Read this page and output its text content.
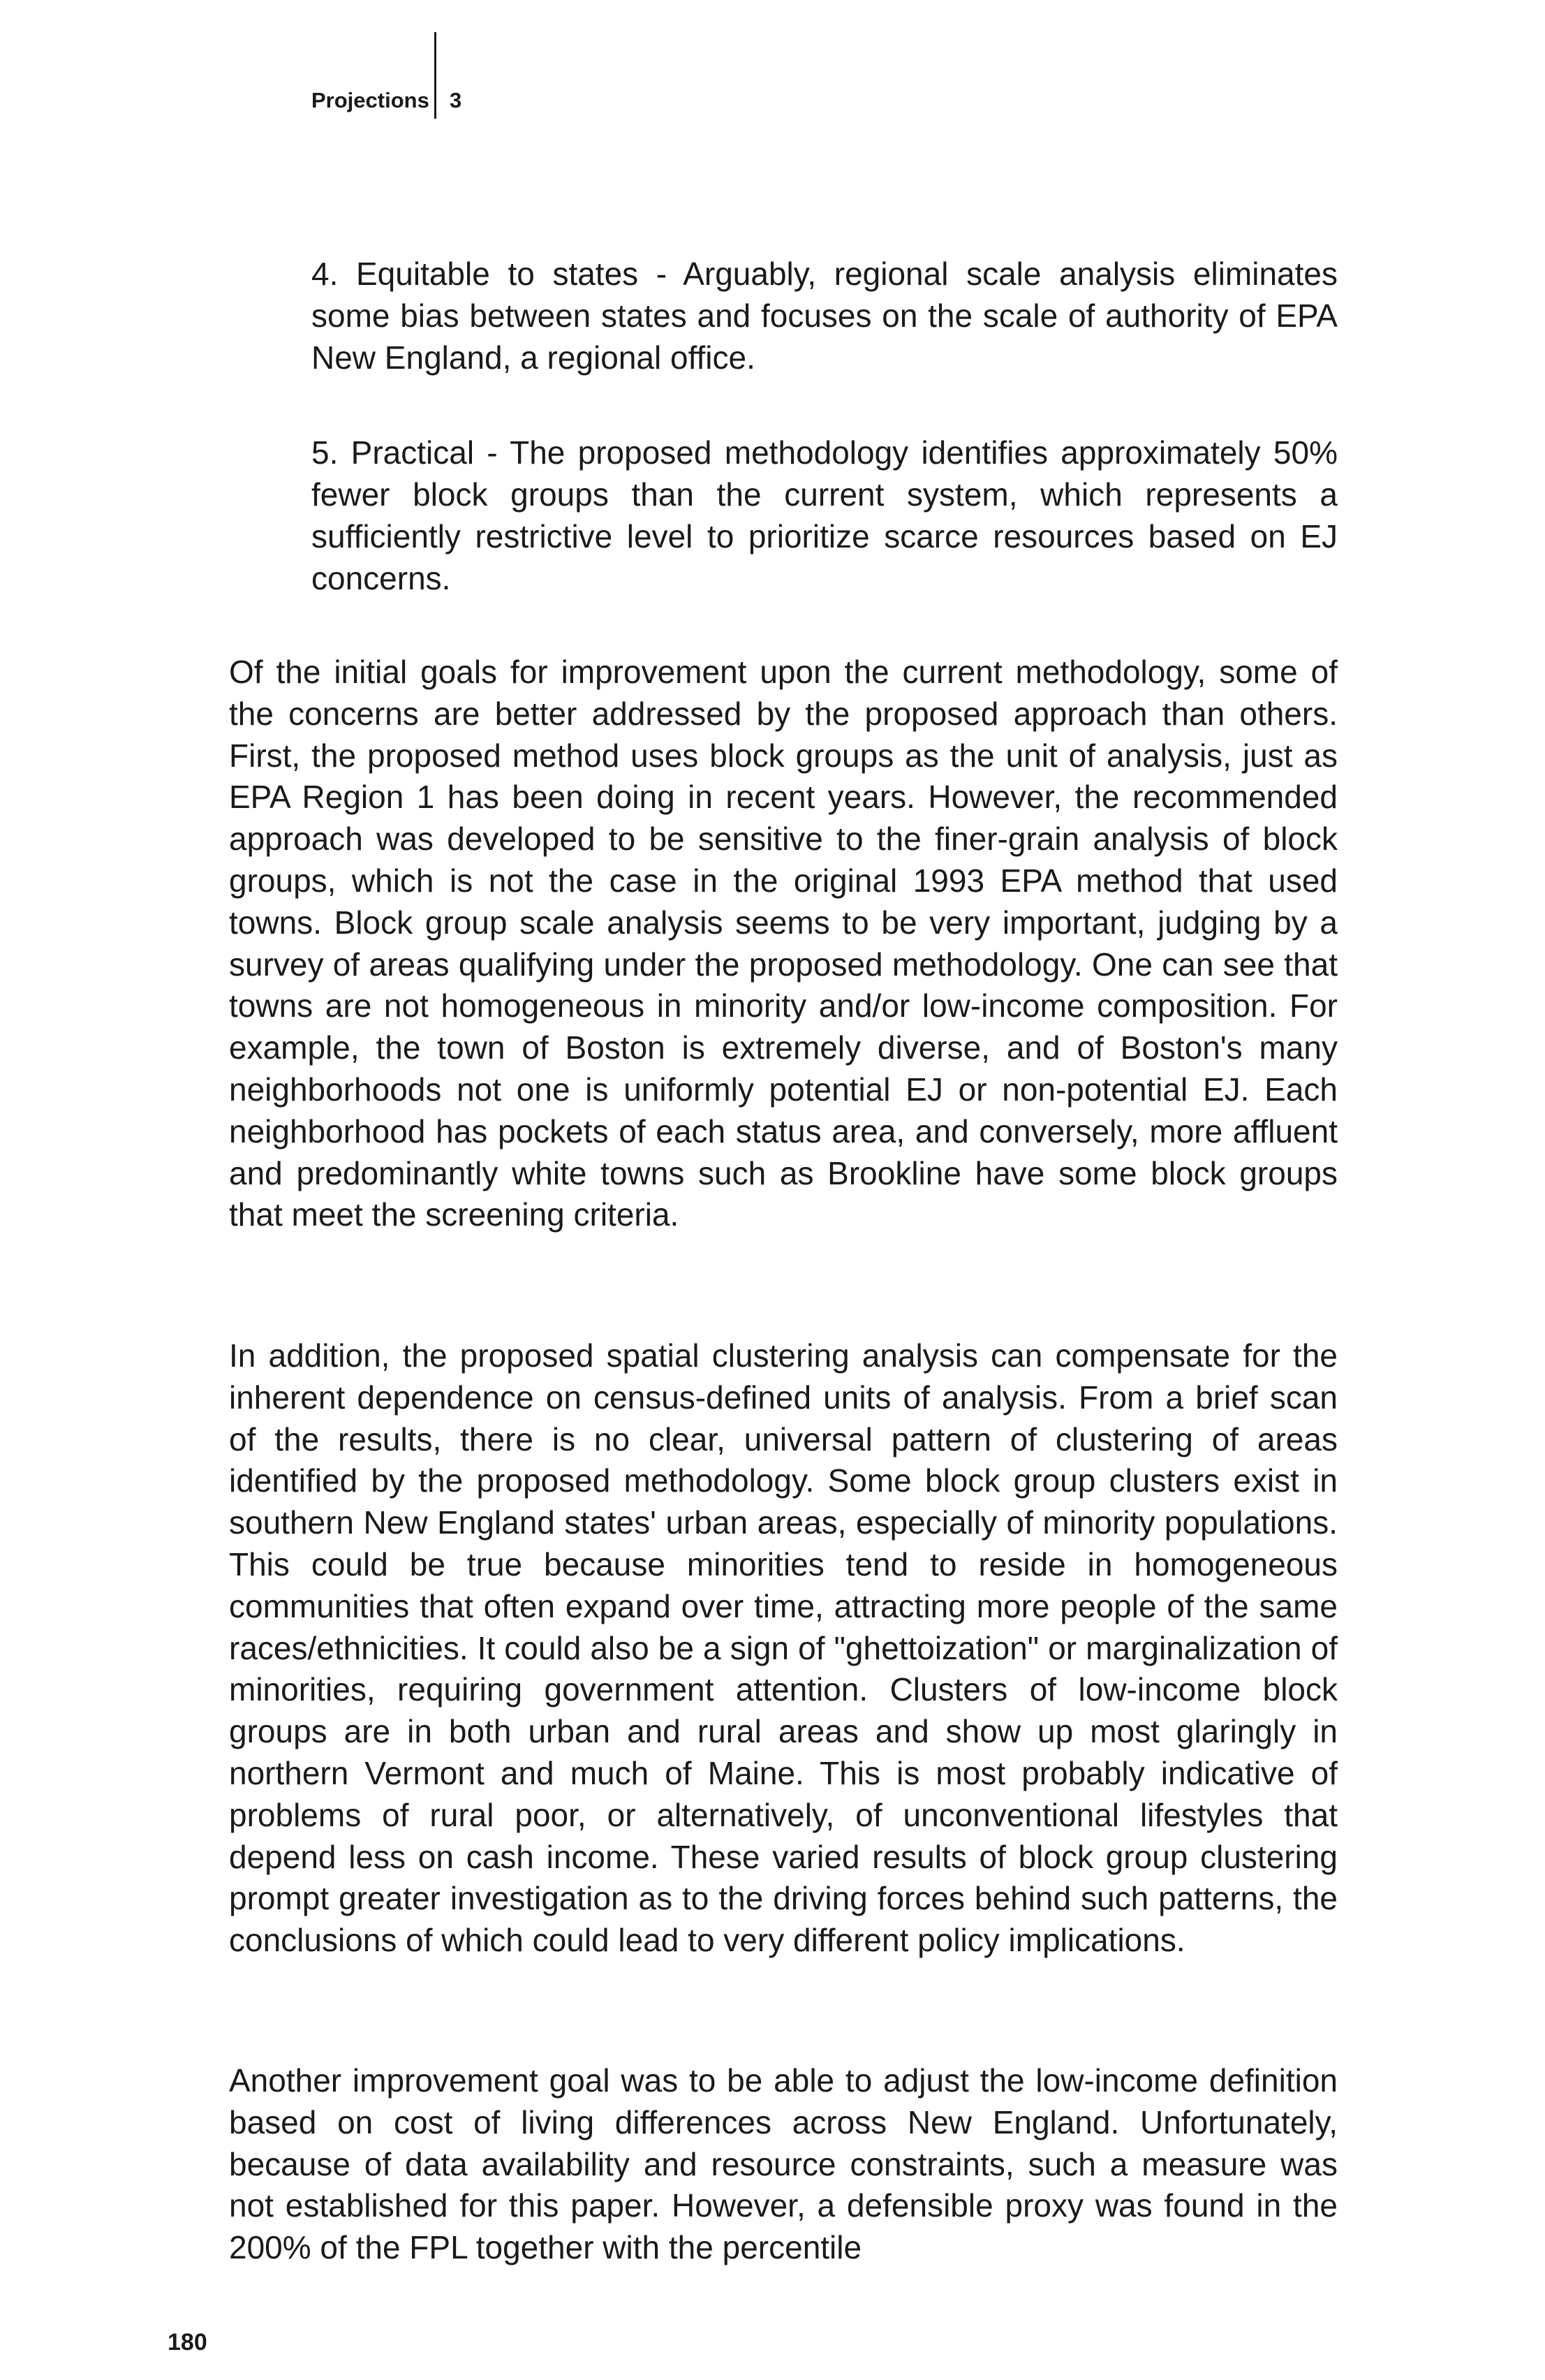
Projections 3
4. Equitable to states - Arguably, regional scale analysis eliminates some bias between states and focuses on the scale of authority of EPA New England, a regional office.
5. Practical - The proposed methodology identifies approximately 50% fewer block groups than the current system, which represents a sufficiently restrictive level to prioritize scarce resources based on EJ concerns.
Of the initial goals for improvement upon the current methodology, some of the concerns are better addressed by the proposed approach than others. First, the proposed method uses block groups as the unit of analysis, just as EPA Region 1 has been doing in recent years. However, the recommended approach was developed to be sensitive to the finer-grain analysis of block groups, which is not the case in the original 1993 EPA method that used towns. Block group scale analysis seems to be very important, judging by a survey of areas qualifying under the proposed methodology. One can see that towns are not homogeneous in minority and/or low-income composition. For example, the town of Boston is extremely diverse, and of Boston's many neighborhoods not one is uniformly potential EJ or non-potential EJ. Each neighborhood has pockets of each status area, and conversely, more affluent and predominantly white towns such as Brookline have some block groups that meet the screening criteria.
In addition, the proposed spatial clustering analysis can compensate for the inherent dependence on census-defined units of analysis. From a brief scan of the results, there is no clear, universal pattern of clustering of areas identified by the proposed methodology. Some block group clusters exist in southern New England states' urban areas, especially of minority populations. This could be true because minorities tend to reside in homogeneous communities that often expand over time, attracting more people of the same races/ethnicities. It could also be a sign of "ghettoization" or marginalization of minorities, requiring government attention. Clusters of low-income block groups are in both urban and rural areas and show up most glaringly in northern Vermont and much of Maine. This is most probably indicative of problems of rural poor, or alternatively, of unconventional lifestyles that depend less on cash income. These varied results of block group clustering prompt greater investigation as to the driving forces behind such patterns, the conclusions of which could lead to very different policy implications.
Another improvement goal was to be able to adjust the low-income definition based on cost of living differences across New England. Unfortunately, because of data availability and resource constraints, such a measure was not established for this paper. However, a defensible proxy was found in the 200% of the FPL together with the percentile
180
